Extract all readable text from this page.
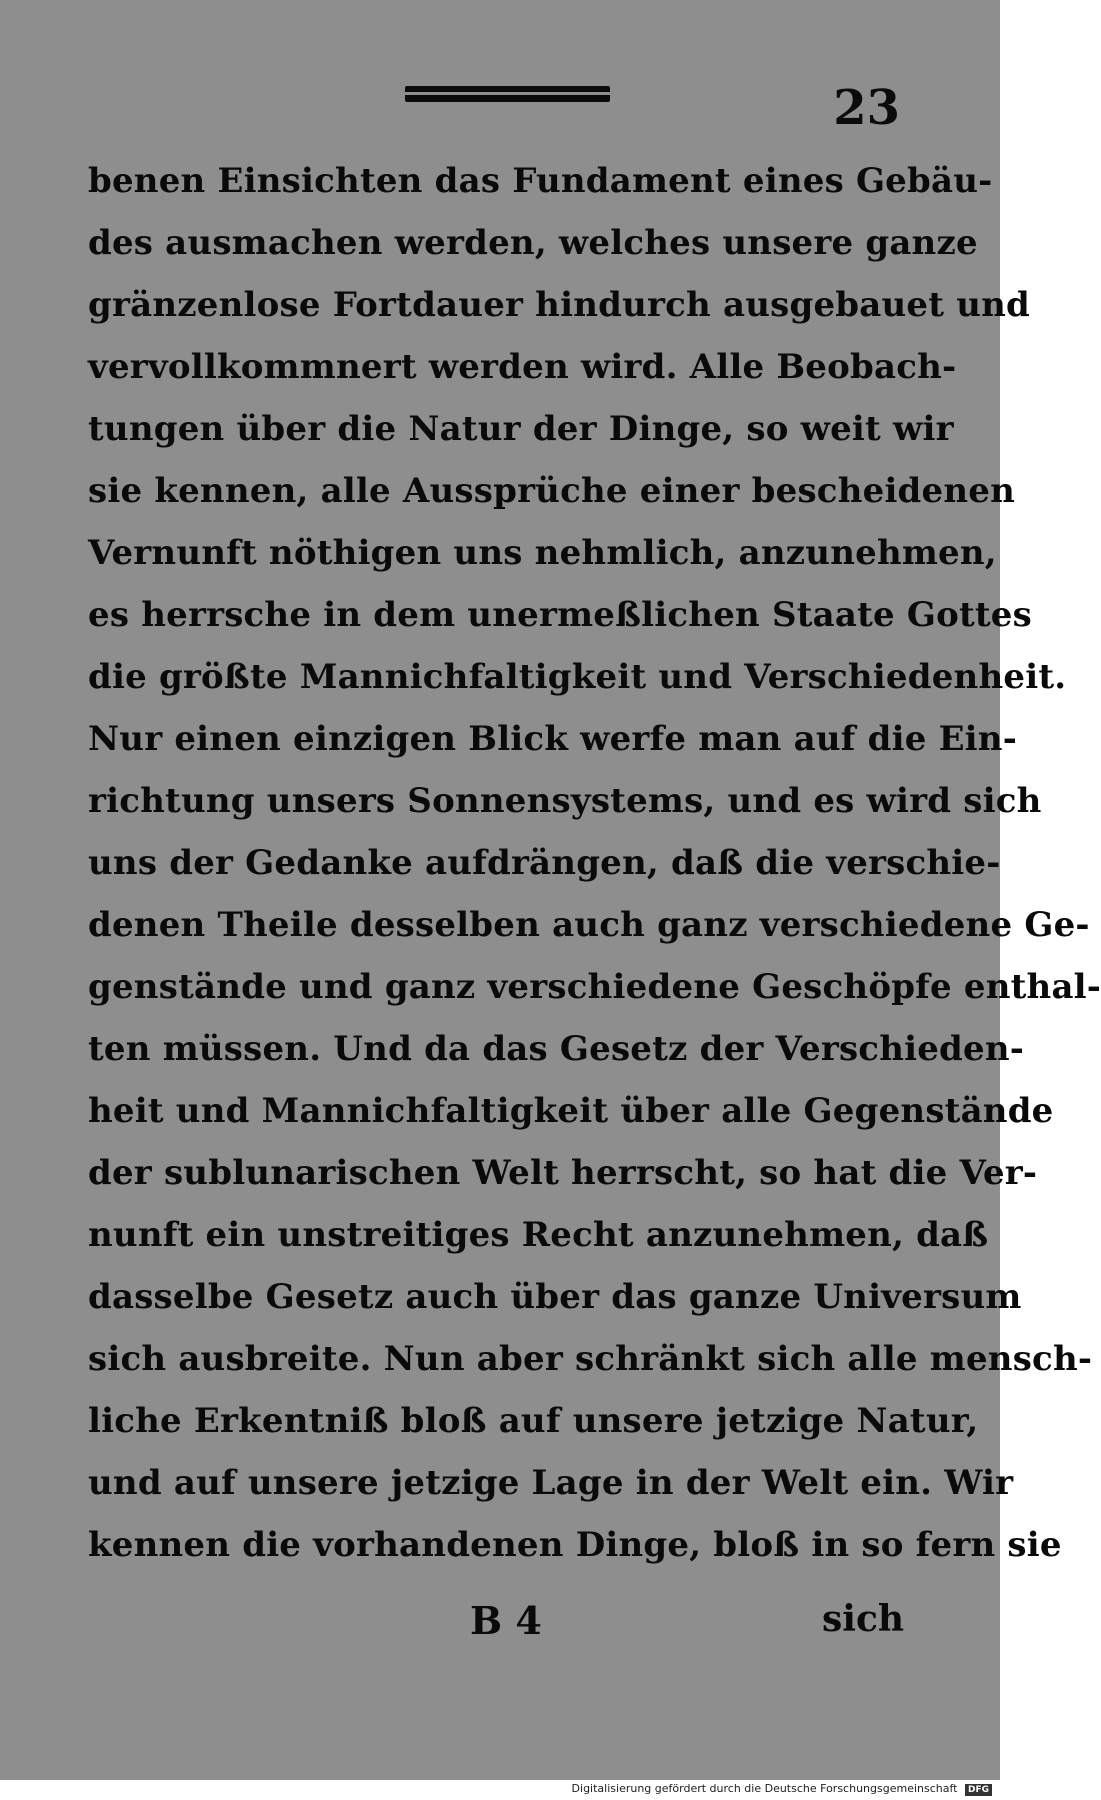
23
benen Einsichten das Fundament eines Gebäu-
des ausmachen werden, welches unsere ganze
gränzenlose Fortdauer hindurch ausgebauet und
vervollkommnert werden wird. Alle Beobach-
tungen über die Natur der Dinge, so weit wir
sie kennen, alle Aussprüche einer bescheidenen
Vernunft nöthigen uns nehmlich, anzunehmen,
es herrsche in dem unermeßlichen Staate Gottes
die größte Mannichfaltigkeit und Verschiedenheit.
Nur einen einzigen Blick werfe man auf die Ein-
richtung unsers Sonnensystems, und es wird sich
uns der Gedanke aufdrängen, daß die verschie-
denen Theile desselben auch ganz verschiedene Ge-
genstände und ganz verschiedene Geschöpfe enthal-
ten müssen. Und da das Gesetz der Verschieden-
heit und Mannichfaltigkeit über alle Gegenstände
der sublunarischen Welt herrscht, so hat die Ver-
nunft ein unstreitiges Recht anzunehmen, daß
dasselbe Gesetz auch über das ganze Universum
sich ausbreite. Nun aber schränkt sich alle mensch-
liche Erkentniß bloß auf unsere jetzige Natur,
und auf unsere jetzige Lage in der Welt ein. Wir
kennen die vorhandenen Dinge, bloß in so fern sie
B 4	sich
Digitalisierung gefördert durch die Deutsche Forschungsgemeinschaft DFG
